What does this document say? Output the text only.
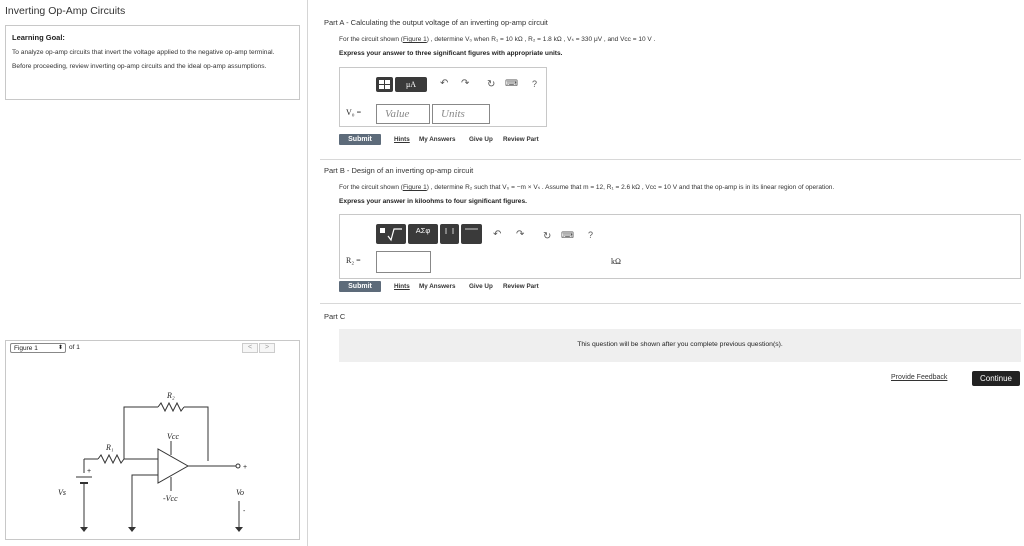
Inverting Op-Amp Circuits
Learning Goal:

To analyze op-amp circuits that invert the voltage applied to the negative op-amp terminal.

Before proceeding, review inverting op-amp circuits and the ideal op-amp assumptions.

Figure 1	⬍ of 1	<	>
R₂
R₁
Vcc
-Vcc
Vs	Vo
+
+
-
Part A - Calculating the output voltage of an inverting op-amp circuit
For the circuit shown (Figure 1) , determine V₀ when R₁ = 10 kΩ , R₂ = 1.8 kΩ , Vₛ = 330 μV , and Vcc = 10 V .
Express your answer to three significant figures with appropriate units.
μA	↶ ↷ ↻ ⌨ ?
V₀ =	Value	Units
Submit	Hints My Answers Give Up Review Part
Part B - Design of an inverting op-amp circuit
For the circuit shown (Figure 1) , determine R₂ such that V₀ = −m × Vₛ . Assume that m = 12, R₁ = 2.6 kΩ , Vcc = 10 V and that the op-amp is in its linear region of operation.
Express your answer in kiloohms to four significant figures.
ΑΣφ	↶ ↷ ↻ ⌨ ?
R₂ =	kΩ
Submit	Hints My Answers Give Up Review Part
Part C
This question will be shown after you complete previous question(s).
Provide Feedback	Continue
